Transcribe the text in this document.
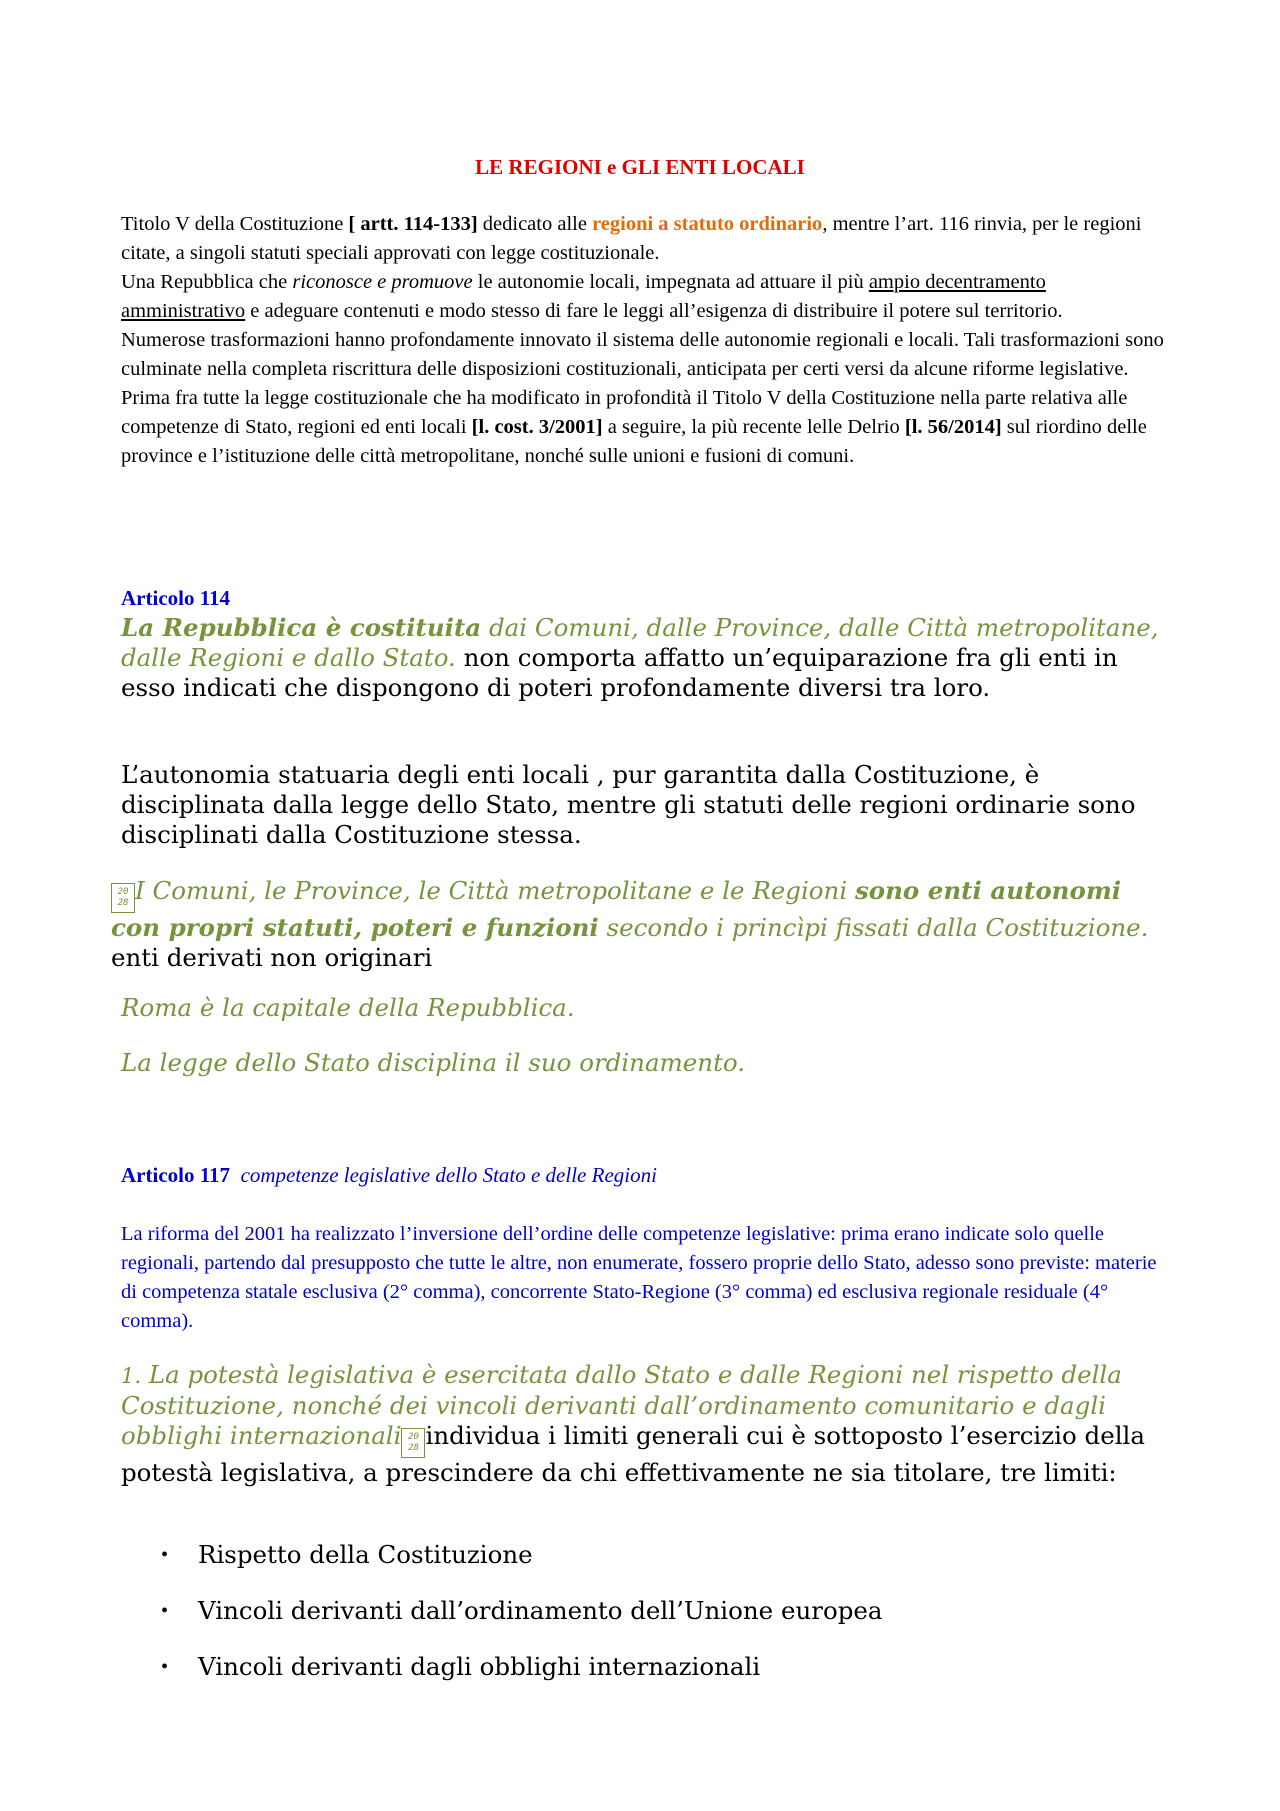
LE REGIONI e GLI ENTI LOCALI

Titolo V della Costituzione [ artt. 114-133] dedicato alle regioni a statuto ordinario, mentre l’art. 116 rinvia, per le regioni citate, a singoli statuti speciali approvati con legge costituzionale.

Una Repubblica che riconosce e promuove le autonomie locali, impegnata ad attuare il più ampio decentramento amministrativo e adeguare contenuti e modo stesso di fare le leggi all’esigenza di distribuire il potere sul territorio.

Numerose trasformazioni hanno profondamente innovato il sistema delle autonomie regionali e locali. Tali trasformazioni sono culminate nella completa riscrittura delle disposizioni costituzionali, anticipata per certi versi da alcune riforme legislative.

Prima fra tutte la legge costituzionale che ha modificato in profondità il Titolo V della Costituzione nella parte relativa alle competenze di Stato, regioni ed enti locali [l. cost. 3/2001] a seguire, la più recente lelle Delrio [l. 56/2014] sul riordino delle province e l’istituzione delle città metropolitane, nonché sulle unioni e fusioni di comuni.

Articolo 114

La Repubblica è costituita dai Comuni, dalle Province, dalle Città metropolitane, dalle Regioni e dallo Stato. non comporta affatto un’equiparazione fra gli enti in esso indicati che dispongono di poteri profondamente diversi tra loro.

L’autonomia statuaria degli enti locali , pur garantita dalla Costituzione, è disciplinata dalla legge dello Stato, mentre gli statuti delle regioni ordinarie sono disciplinati dalla Costituzione stessa.

20 28 I Comuni, le Province, le Città metropolitane e le Regioni sono enti autonomi con propri statuti, poteri e funzioni secondo i princìpi fissati dalla Costituzione. enti derivati non originari

Roma è la capitale della Repubblica.

La legge dello Stato disciplina il suo ordinamento.

Articolo 117 competenze legislative dello Stato e delle Regioni

La riforma del 2001 ha realizzato l’inversione dell’ordine delle competenze legislative: prima erano indicate solo quelle regionali, partendo dal presupposto che tutte le altre, non enumerate, fossero proprie dello Stato, adesso sono previste: materie di competenza statale esclusiva (2° comma), concorrente Stato-Regione (3° comma) ed esclusiva regionale residuale (4° comma).

1. La potestà legislativa è esercitata dallo Stato e dalle Regioni nel rispetto della Costituzione, nonché dei vincoli derivanti dall’ordinamento comunitario e dagli obblighi internazionali 20 28 individua i limiti generali cui è sottoposto l’esercizio della potestà legislativa, a prescindere da chi effettivamente ne sia titolare, tre limiti:

• Rispetto della Costituzione
• Vincoli derivanti dall’ordinamento dell’Unione europea
• Vincoli derivanti dagli obblighi internazionali
